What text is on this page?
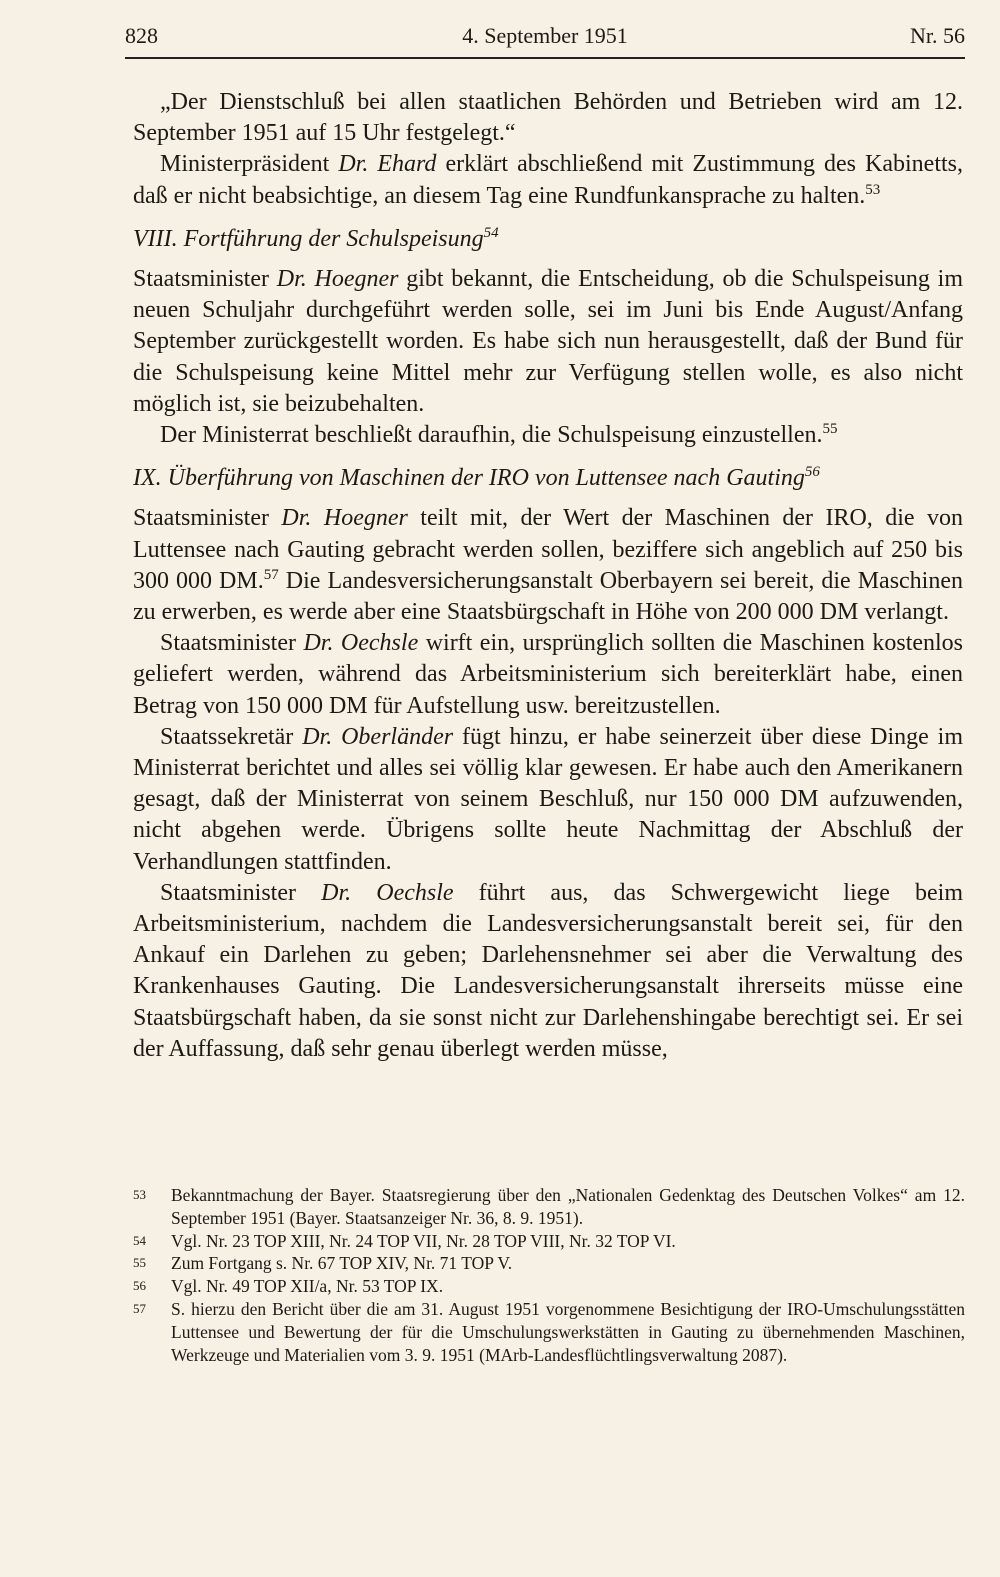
828	4. September 1951	Nr. 56

„Der Dienstschluß bei allen staatlichen Behörden und Betrieben wird am 12. September 1951 auf 15 Uhr festgelegt.“

Ministerpräsident Dr. Ehard erklärt abschließend mit Zustimmung des Kabinetts, daß er nicht beabsichtige, an diesem Tag eine Rundfunkansprache zu halten.$^{53}$

VIII. Fortführung der Schulspeisung$^{54}$

Staatsminister Dr. Hoegner gibt bekannt, die Entscheidung, ob die Schulspeisung im neuen Schuljahr durchgeführt werden solle, sei im Juni bis Ende August/Anfang September zurückgestellt worden. Es habe sich nun herausgestellt, daß der Bund für die Schulspeisung keine Mittel mehr zur Verfügung stellen wolle, es also nicht möglich ist, sie beizubehalten.

Der Ministerrat beschließt daraufhin, die Schulspeisung einzustellen.$^{55}$

IX. Überführung von Maschinen der IRO von Luttensee nach Gauting$^{56}$

Staatsminister Dr. Hoegner teilt mit, der Wert der Maschinen der IRO, die von Luttensee nach Gauting gebracht werden sollen, beziffere sich angeblich auf 250 bis 300 000 DM.$^{57}$ Die Landesversicherungsanstalt Oberbayern sei bereit, die Maschinen zu erwerben, es werde aber eine Staatsbürgschaft in Höhe von 200 000 DM verlangt.

Staatsminister Dr. Oechsle wirft ein, ursprünglich sollten die Maschinen kostenlos geliefert werden, während das Arbeitsministerium sich bereiterklärt habe, einen Betrag von 150 000 DM für Aufstellung usw. bereitzustellen.

Staatssekretär Dr. Oberländer fügt hinzu, er habe seinerzeit über diese Dinge im Ministerrat berichtet und alles sei völlig klar gewesen. Er habe auch den Amerikanern gesagt, daß der Ministerrat von seinem Beschluß, nur 150 000 DM aufzuwenden, nicht abgehen werde. Übrigens sollte heute Nachmittag der Abschluß der Verhandlungen stattfinden.

Staatsminister Dr. Oechsle führt aus, das Schwergewicht liege beim Arbeitsministerium, nachdem die Landesversicherungsanstalt bereit sei, für den Ankauf ein Darlehen zu geben; Darlehensnehmer sei aber die Verwaltung des Krankenhauses Gauting. Die Landesversicherungsanstalt ihrerseits müsse eine Staatsbürgschaft haben, da sie sonst nicht zur Darlehenshingabe berechtigt sei. Er sei der Auffassung, daß sehr genau überlegt werden müsse,

53 Bekanntmachung der Bayer. Staatsregierung über den „Nationalen Gedenktag des Deutschen Volkes“ am 12. September 1951 (Bayer. Staatsanzeiger Nr. 36, 8. 9. 1951).
54 Vgl. Nr. 23 TOP XIII, Nr. 24 TOP VII, Nr. 28 TOP VIII, Nr. 32 TOP VI.
55 Zum Fortgang s. Nr. 67 TOP XIV, Nr. 71 TOP V.
56 Vgl. Nr. 49 TOP XII/a, Nr. 53 TOP IX.
57 S. hierzu den Bericht über die am 31. August 1951 vorgenommene Besichtigung der IRO-Umschulungsstätten Luttensee und Bewertung der für die Umschulungswerkstätten in Gauting zu übernehmenden Maschinen, Werkzeuge und Materialien vom 3. 9. 1951 (MArb-Landesflüchtlingsverwaltung 2087).
